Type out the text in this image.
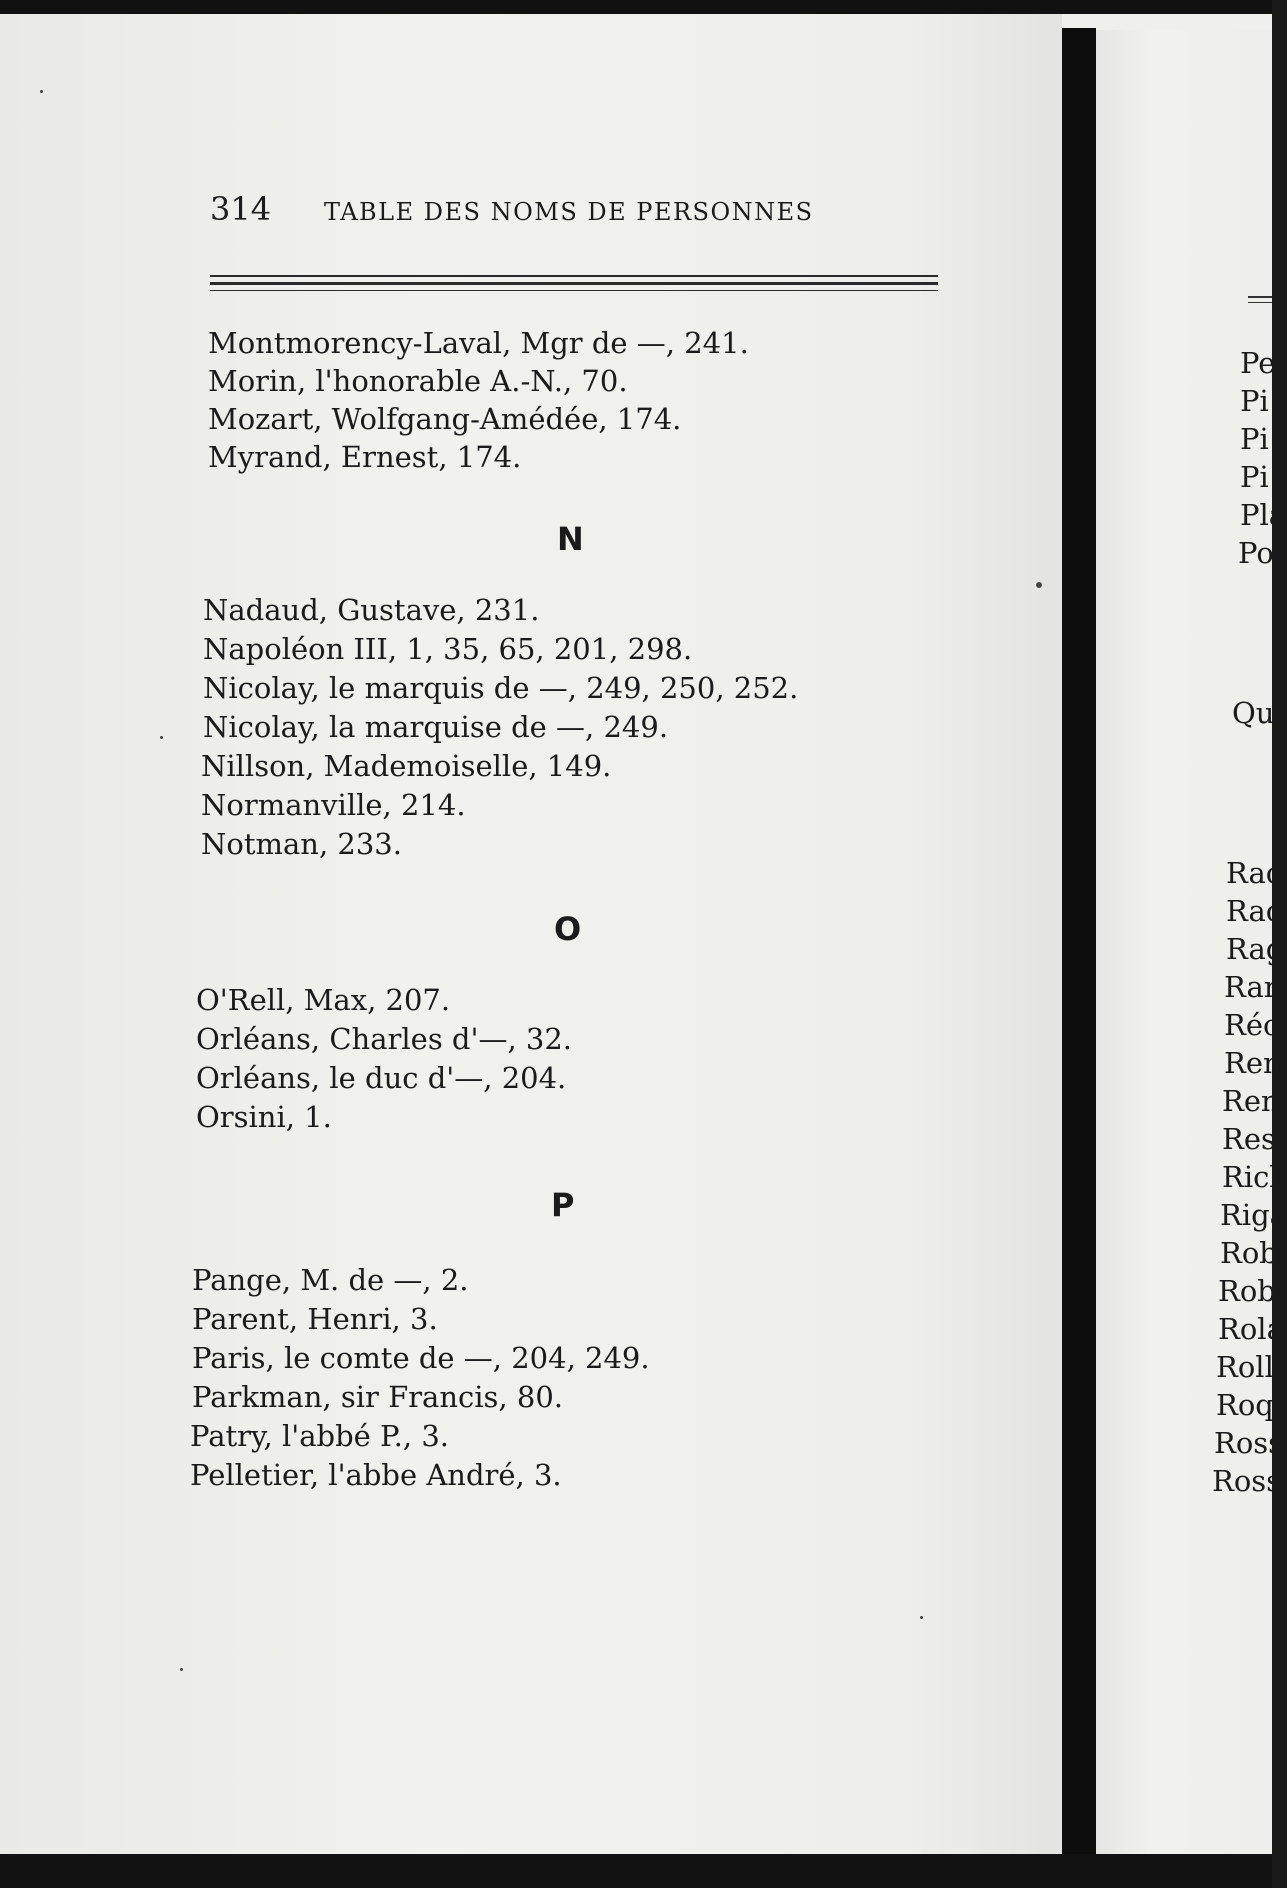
314 TABLE DES NOMS DE PERSONNES
Montmorency-Laval, Mgr de —, 241.
Morin, l'honorable A.-N., 70.
Mozart, Wolfgang-Amédée, 174.
Myrand, Ernest, 174.
N
Nadaud, Gustave, 231.
Napoléon III, 1, 35, 65, 201, 298.
Nicolay, le marquis de —, 249, 250, 252.
Nicolay, la marquise de —, 249.
Nillson, Mademoiselle, 149.
Normanville, 214.
Notman, 233.
O
O'Rell, Max, 207.
Orléans, Charles d'—, 32.
Orléans, le duc d'—, 204.
Orsini, 1.
P
Pange, M. de —, 2.
Parent, Henri, 3.
Paris, le comte de —, 204, 249.
Parkman, sir Francis, 80.
Patry, l'abbé P., 3.
Pelletier, l'abbe André, 3.
Pe
Pi
Pi
Pi
Pla
Po
Qu
Rac
Rac
Rag
Rar
Réc
Ren
Ren
Res
Ricl
Riga
Rob
Rob
Rola
Roll
Roq
Ross
Ross
